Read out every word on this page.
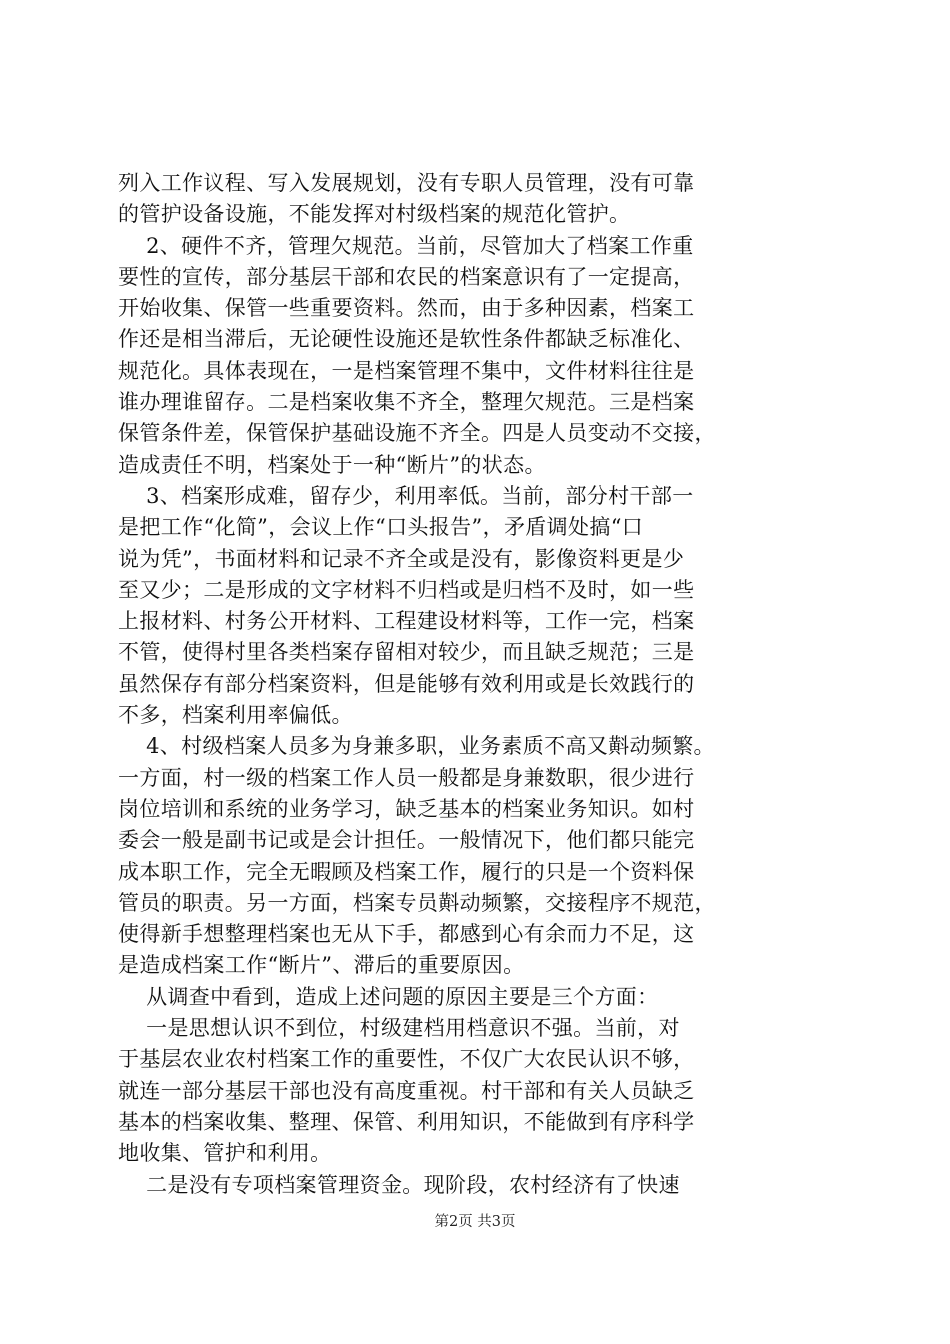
列入工作议程、写入发展规划，没有专职人员管理，没有可靠
的管护设备设施，不能发挥对村级档案的规范化管护。
2、硬件不齐，管理欠规范。当前，尽管加大了档案工作重
要性的宣传，部分基层干部和农民的档案意识有了一定提高，
开始收集、保管一些重要资料。然而，由于多种因素，档案工
作还是相当滞后，无论硬性设施还是软性条件都缺乏标准化、
规范化。具体表现在，一是档案管理不集中，文件材料往往是
谁办理谁留存。二是档案收集不齐全，整理欠规范。三是档案
保管条件差，保管保护基础设施不齐全。四是人员变动不交接，
造成责任不明，档案处于一种“断片”的状态。
3、档案形成难，留存少，利用率低。当前，部分村干部一
是把工作“化简”，会议上作“口头报告”，矛盾调处搞“口
说为凭”，书面材料和记录不齐全或是没有，影像资料更是少
至又少；二是形成的文字材料不归档或是归档不及时，如一些
上报材料、村务公开材料、工程建设材料等，工作一完，档案
不管，使得村里各类档案存留相对较少，而且缺乏规范；三是
虽然保存有部分档案资料，但是能够有效利用或是长效践行的
不多，档案利用率偏低。
4、村级档案人员多为身兼多职，业务素质不高又斢动频繁。
一方面，村一级的档案工作人员一般都是身兼数职，很少进行
岗位培训和系统的业务学习，缺乏基本的档案业务知识。如村
委会一般是副书记或是会计担任。一般情况下，他们都只能完
成本职工作，完全无暇顾及档案工作，履行的只是一个资料保
管员的职责。另一方面，档案专员斢动频繁，交接程序不规范，
使得新手想整理档案也无从下手，都感到心有余而力不足，这
是造成档案工作“断片”、滞后的重要原因。
从调查中看到，造成上述问题的原因主要是三个方面：
一是思想认识不到位，村级建档用档意识不强。当前，对
于基层农业农村档案工作的重要性，不仅广大农民认识不够，
就连一部分基层干部也没有高度重视。村干部和有关人员缺乏
基本的档案收集、整理、保管、利用知识，不能做到有序科学
地收集、管护和利用。
二是没有专项档案管理资金。现阶段，农村经济有了快速
第2页 共3页
